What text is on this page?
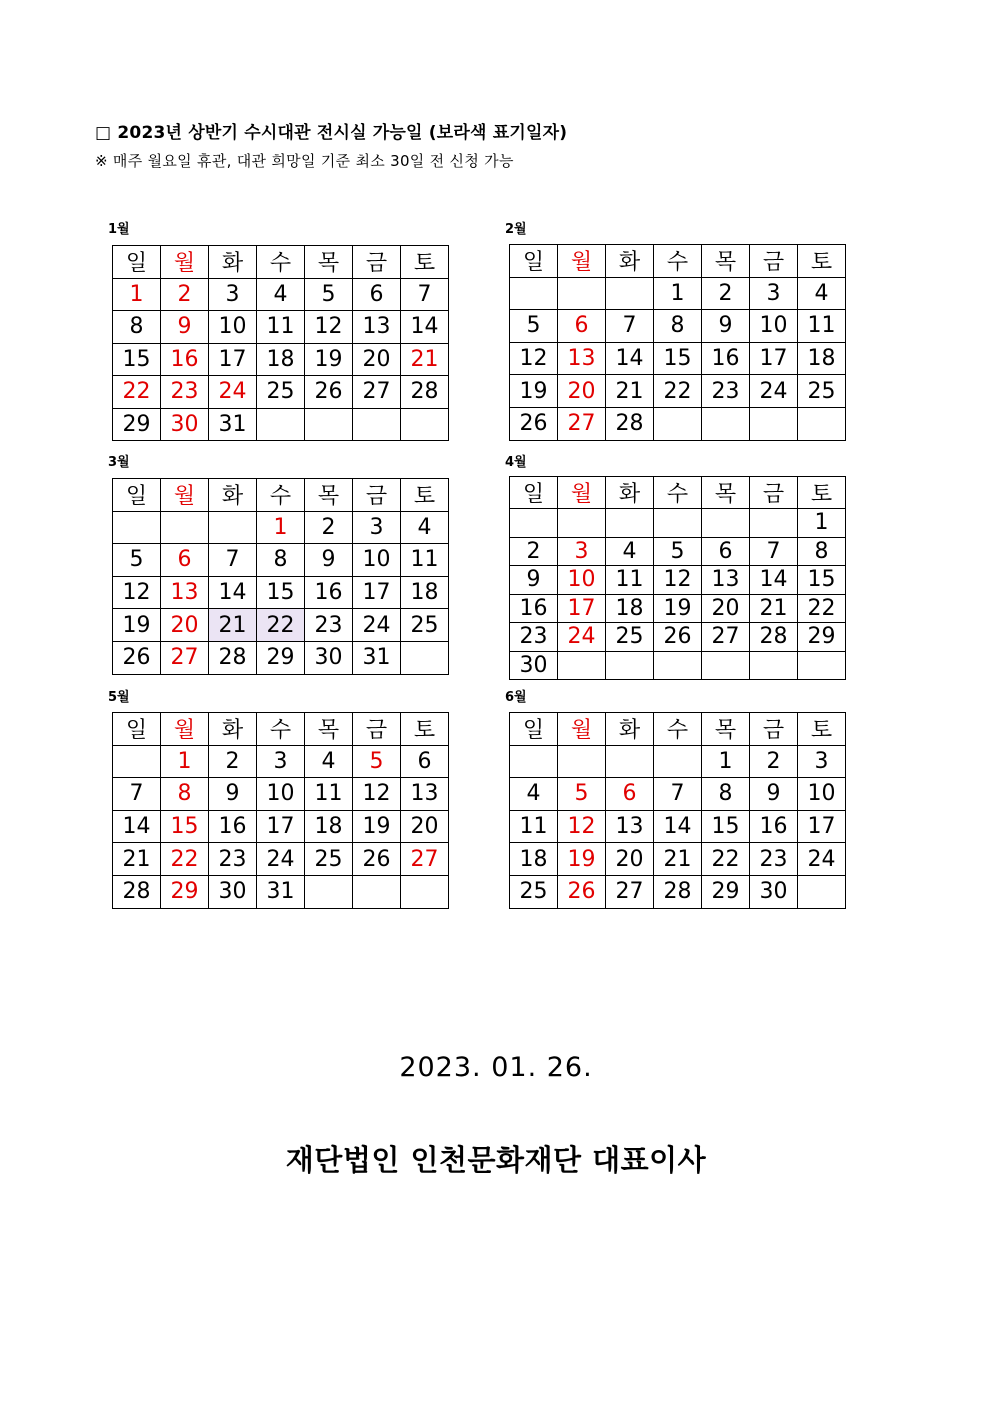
□ 2023년 상반기 수시대관 전시실 가능일 (보라색 표기일자)
※ 매주 월요일 휴관, 대관 희망일 기준 최소 30일 전 신청 가능
1월	2월
3월	4월
5월	6월
일	월	화	수	목	금	토
1	2	3	4	5	6	7
8	9	10	11	12	13	14
15	16	17	18	19	20	21
22	23	24	25	26	27	28
29	30	31				
일	월	화	수	목	금	토
			1	2	3	4
5	6	7	8	9	10	11
12	13	14	15	16	17	18
19	20	21	22	23	24	25
26	27	28				
일	월	화	수	목	금	토
			1	2	3	4
5	6	7	8	9	10	11
12	13	14	15	16	17	18
19	20	21	22	23	24	25
26	27	28	29	30	31	
일	월	화	수	목	금	토
						1
2	3	4	5	6	7	8
9	10	11	12	13	14	15
16	17	18	19	20	21	22
23	24	25	26	27	28	29
30						
일	월	화	수	목	금	토
	1	2	3	4	5	6
7	8	9	10	11	12	13
14	15	16	17	18	19	20
21	22	23	24	25	26	27
28	29	30	31			
일	월	화	수	목	금	토
				1	2	3
4	5	6	7	8	9	10
11	12	13	14	15	16	17
18	19	20	21	22	23	24
25	26	27	28	29	30	
2023. 01. 26.
재단법인 인천문화재단 대표이사
